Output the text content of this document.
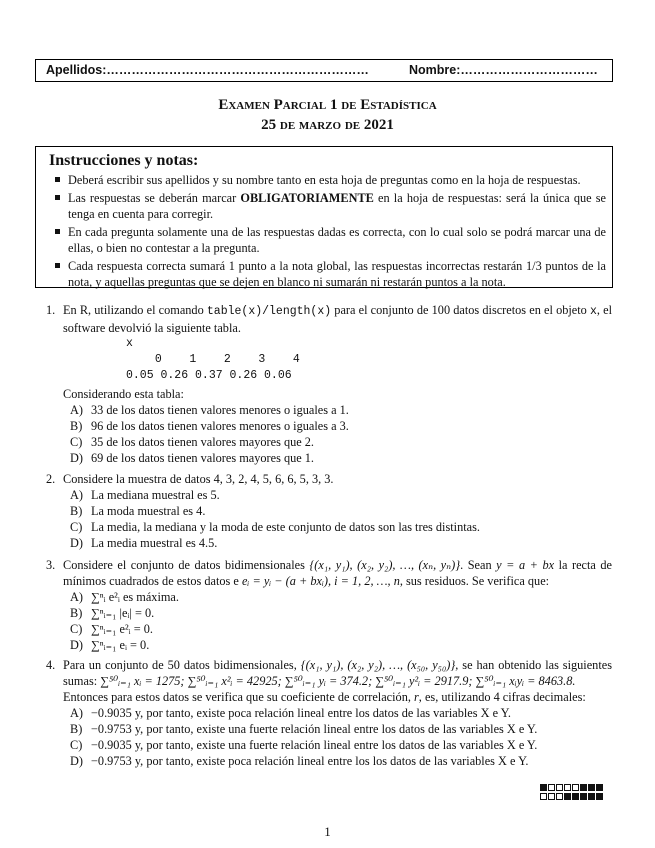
Apellidos:………………………………………………………	Nombre:……………………………
Examen Parcial 1 de Estadística
25 de marzo de 2021
Instrucciones y notas:
Deberá escribir sus apellidos y su nombre tanto en esta hoja de preguntas como en la hoja de respuestas.
Las respuestas se deberán marcar OBLIGATORIAMENTE en la hoja de respuestas: será la única que se tenga en cuenta para corregir.
En cada pregunta solamente una de las respuestas dadas es correcta, con lo cual solo se podrá marcar una de ellas, o bien no contestar a la pregunta.
Cada respuesta correcta sumará 1 punto a la nota global, las respuestas incorrectas restarán 1/3 puntos de la nota, y aquellas preguntas que se dejen en blanco ni sumarán ni restarán puntos a la nota.
1. En R, utilizando el comando table(x)/length(x) para el conjunto de 100 datos discretos en el objeto x, el software devolvió la siguiente tabla.
x
0    1    2    3    4
0.05 0.26 0.37 0.26 0.06
Considerando esta tabla:
A) 33 de los datos tienen valores menores o iguales a 1.
B) 96 de los datos tienen valores menores o iguales a 3.
C) 35 de los datos tienen valores mayores que 2.
D) 69 de los datos tienen valores mayores que 1.
2. Considere la muestra de datos 4, 3, 2, 4, 5, 6, 6, 5, 3, 3.
A) La mediana muestral es 5.
B) La moda muestral es 4.
C) La media, la mediana y la moda de este conjunto de datos son las tres distintas.
D) La media muestral es 4.5.
3. Considere el conjunto de datos bidimensionales {(x₁, y₁), (x₂, y₂), …, (xₙ, yₙ)}. Sean y = a + bx la recta de mínimos cuadrados de estos datos e eᵢ = yᵢ − (a + bxᵢ), i = 1, 2, …, n, sus residuos. Se verifica que:
A) ∑ⁿᵢ e²ᵢ es máxima.
B) ∑ⁿᵢ₌₁ |eᵢ| = 0.
C) ∑ⁿᵢ₌₁ e²ᵢ = 0.
D) ∑ⁿᵢ₌₁ eᵢ = 0.
4. Para un conjunto de 50 datos bidimensionales, {(x₁, y₁), (x₂, y₂), …, (x₅₀, y₅₀)}, se han obtenido las siguientes sumas: ∑⁵⁰ᵢ₌₁ xᵢ = 1275; ∑⁵⁰ᵢ₌₁ x²ᵢ = 42925; ∑⁵⁰ᵢ₌₁ yᵢ = 374.2; ∑⁵⁰ᵢ₌₁ y²ᵢ = 2917.9; ∑⁵⁰ᵢ₌₁ xᵢyᵢ = 8463.8.
Entonces para estos datos se verifica que su coeficiente de correlación, r, es, utilizando 4 cifras decimales:
A) −0.9035 y, por tanto, existe poca relación lineal entre los datos de las variables X e Y.
B) −0.9753 y, por tanto, existe una fuerte relación lineal entre los datos de las variables X e Y.
C) −0.9035 y, por tanto, existe una fuerte relación lineal entre los datos de las variables X e Y.
D) −0.9753 y, por tanto, existe poca relación lineal entre los los datos de las variables X e Y.
1
